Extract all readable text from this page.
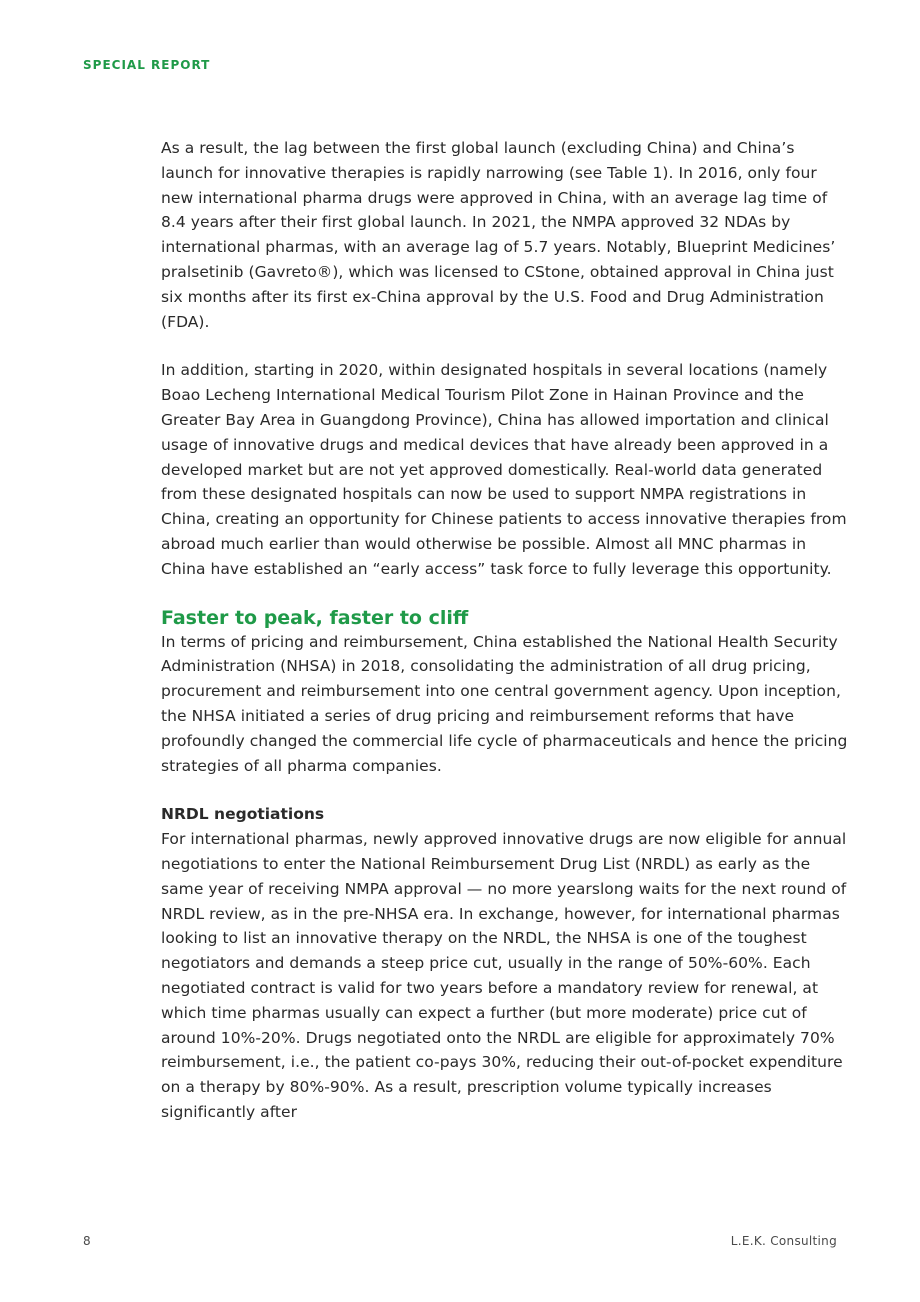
SPECIAL REPORT

As a result, the lag between the first global launch (excluding China) and China’s launch for innovative therapies is rapidly narrowing (see Table 1). In 2016, only four new international pharma drugs were approved in China, with an average lag time of 8.4 years after their first global launch. In 2021, the NMPA approved 32 NDAs by international pharmas, with an average lag of 5.7 years. Notably, Blueprint Medicines’ pralsetinib (Gavreto®), which was licensed to CStone, obtained approval in China just six months after its first ex-China approval by the U.S. Food and Drug Administration (FDA).

In addition, starting in 2020, within designated hospitals in several locations (namely Boao Lecheng International Medical Tourism Pilot Zone in Hainan Province and the Greater Bay Area in Guangdong Province), China has allowed importation and clinical usage of innovative drugs and medical devices that have already been approved in a developed market but are not yet approved domestically. Real-world data generated from these designated hospitals can now be used to support NMPA registrations in China, creating an opportunity for Chinese patients to access innovative therapies from abroad much earlier than would otherwise be possible. Almost all MNC pharmas in China have established an “early access” task force to fully leverage this opportunity.

Faster to peak, faster to cliff

In terms of pricing and reimbursement, China established the National Health Security Administration (NHSA) in 2018, consolidating the administration of all drug pricing, procurement and reimbursement into one central government agency. Upon inception, the NHSA initiated a series of drug pricing and reimbursement reforms that have profoundly changed the commercial life cycle of pharmaceuticals and hence the pricing strategies of all pharma companies.

NRDL negotiations

For international pharmas, newly approved innovative drugs are now eligible for annual negotiations to enter the National Reimbursement Drug List (NRDL) as early as the same year of receiving NMPA approval — no more yearslong waits for the next round of NRDL review, as in the pre-NHSA era. In exchange, however, for international pharmas looking to list an innovative therapy on the NRDL, the NHSA is one of the toughest negotiators and demands a steep price cut, usually in the range of 50%-60%. Each negotiated contract is valid for two years before a mandatory review for renewal, at which time pharmas usually can expect a further (but more moderate) price cut of around 10%-20%. Drugs negotiated onto the NRDL are eligible for approximately 70% reimbursement, i.e., the patient co-pays 30%, reducing their out-of-pocket expenditure on a therapy by 80%-90%. As a result, prescription volume typically increases significantly after

8	L.E.K. Consulting
